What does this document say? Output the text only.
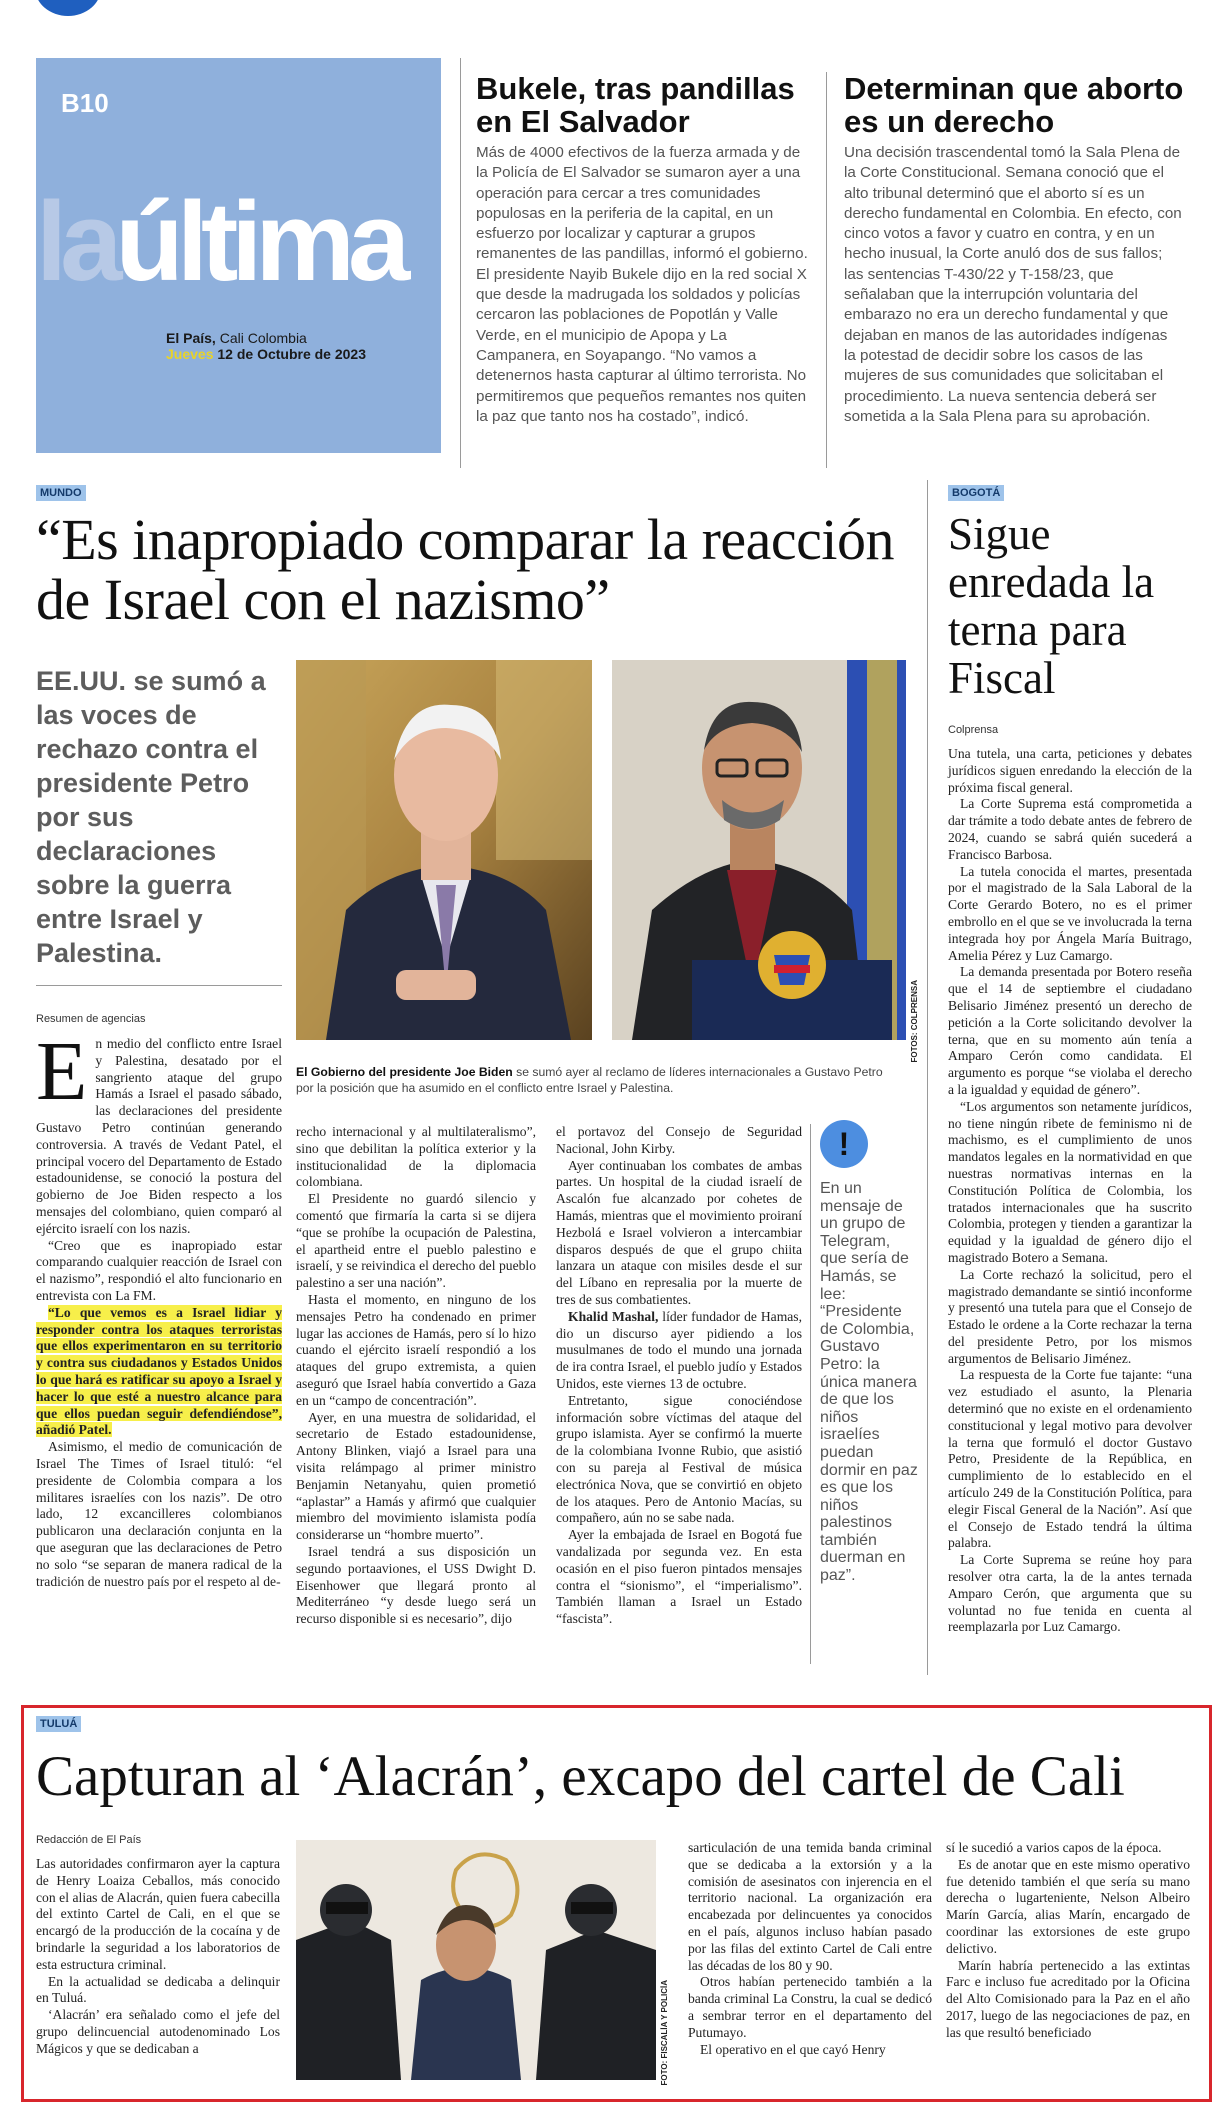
B10
laúltima
El País, Cali Colombia
Jueves 12 de Octubre de 2023
Bukele, tras pandillas en El Salvador
Más de 4000 efectivos de la fuerza armada y de la Policía de El Salvador se sumaron ayer a una operación para cercar a tres comunidades populosas en la periferia de la capital, en un esfuerzo por localizar y capturar a grupos remanentes de las pandillas, informó el gobierno. El presidente Nayib Bukele dijo en la red social X que desde la madrugada los soldados y policías cercaron las poblaciones de Popotlán y Valle Verde, en el municipio de Apopa y La Campanera, en Soyapango. “No vamos a detenernos hasta capturar al último terrorista. No permitiremos que pequeños remantes nos quiten la paz que tanto nos ha costado”, indicó.
Determinan que aborto es un derecho
Una decisión trascendental tomó la Sala Plena de la Corte Constitucional. Semana conoció que el alto tribunal determinó que el aborto sí es un derecho fundamental en Colombia. En efecto, con cinco votos a favor y cuatro en contra, y en un hecho inusual, la Corte anuló dos de sus fallos; las sentencias T-430/22 y T-158/23, que señalaban que la interrupción voluntaria del embarazo no era un derecho fundamental y que dejaban en manos de las autoridades indígenas la potestad de decidir sobre los casos de las mujeres de sus comunidades que solicitaban el procedimiento. La nueva sentencia deberá ser sometida a la Sala Plena para su aprobación.
MUNDO
“Es inapropiado comparar la reacción de Israel con el nazismo”
EE.UU. se sumó a las voces de rechazo contra el presidente Petro por sus declaraciones sobre la guerra entre Israel y Palestina.
FOTOS: COLPRENSA
El Gobierno del presidente Joe Biden se sumó ayer al reclamo de líderes internacionales a Gustavo Petro por la posición que ha asumido en el conflicto entre Israel y Palestina.
Resumen de agencias

En medio del conflicto entre Israel y Palestina, desatado por el sangriento ataque del grupo Hamás a Israel el pasado sábado, las declaraciones del presidente Gustavo Petro continúan generando controversia. A través de Vedant Patel, el principal vocero del Departamento de Estado estadounidense, se conoció la postura del gobierno de Joe Biden respecto a los mensajes del colombiano, quien comparó al ejército israelí con los nazis.

“Creo que es inapropiado estar comparando cualquier reacción de Israel con el nazismo”, respondió el alto funcionario en entrevista con La FM.

“Lo que vemos es a Israel lidiar y responder contra los ataques terroristas que ellos experimentaron en su territorio y contra sus ciudadanos y Estados Unidos lo que hará es ratificar su apoyo a Israel y hacer lo que esté a nuestro alcance para que ellos puedan seguir defendiéndose”, añadió Patel.

Asimismo, el medio de comunicación de Israel The Times of Israel tituló: “el presidente de Colombia compara a los militares israelíes con los nazis”. De otro lado, 12 excancilleres colombianos publicaron una declaración conjunta en la que aseguran que las declaraciones de Petro no solo “se separan de manera radical de la tradición de nuestro país por el respeto al de-

recho internacional y al multilateralismo”, sino que debilitan la política exterior y la institucionalidad de la diplomacia colombiana.

El Presidente no guardó silencio y comentó que firmaría la carta si se dijera “que se prohíbe la ocupación de Palestina, el apartheid entre el pueblo palestino e israelí, y se reivindica el derecho del pueblo palestino a ser una nación”.

Hasta el momento, en ninguno de los mensajes Petro ha condenado en primer lugar las acciones de Hamás, pero sí lo hizo cuando el ejército israelí respondió a los ataques del grupo extremista, a quien aseguró que Israel había convertido a Gaza en un “campo de concentración”.

Ayer, en una muestra de solidaridad, el secretario de Estado estadounidense, Antony Blinken, viajó a Israel para una visita relámpago al primer ministro Benjamin Netanyahu, quien prometió “aplastar” a Hamás y afirmó que cualquier miembro del movimiento islamista podía considerarse un “hombre muerto”.

Israel tendrá a sus disposición un segundo portaaviones, el USS Dwight D. Eisenhower que llegará pronto al Mediterráneo “y desde luego será un recurso disponible si es necesario”, dijo

el portavoz del Consejo de Seguridad Nacional, John Kirby.

Ayer continuaban los combates de ambas partes. Un hospital de la ciudad israelí de Ascalón fue alcanzado por cohetes de Hamás, mientras que el movimiento proiraní Hezbolá e Israel volvieron a intercambiar disparos después de que el grupo chiita lanzara un ataque con misiles desde el sur del Líbano en represalia por la muerte de tres de sus combatientes.

Khalid Mashal, líder fundador de Hamas, dio un discurso ayer pidiendo a los musulmanes de todo el mundo una jornada de ira contra Israel, el pueblo judío y Estados Unidos, este viernes 13 de octubre.

Entretanto, sigue conociéndose información sobre víctimas del ataque del grupo islamista. Ayer se confirmó la muerte de la colombiana Ivonne Rubio, que asistió con su pareja al Festival de música electrónica Nova, que se convirtió en objeto de los ataques. Pero de Antonio Macías, su compañero, aún no se sabe nada.

Ayer la embajada de Israel en Bogotá fue vandalizada por segunda vez. En esta ocasión en el piso fueron pintados mensajes contra el “sionismo”, el “imperialismo”. También llaman a Israel un Estado “fascista”.

!
En un mensaje de un grupo de Telegram, que sería de Hamás, se lee: “Presidente de Colombia, Gustavo Petro: la única manera de que los niños israelíes puedan dormir en paz es que los niños palestinos también duerman en paz”.
BOGOTÁ
Sigue enredada la terna para Fiscal
Colprensa

Una tutela, una carta, peticiones y debates jurídicos siguen enredando la elección de la próxima fiscal general.

La Corte Suprema está comprometida a dar trámite a todo debate antes de febrero de 2024, cuando se sabrá quién sucederá a Francisco Barbosa.

La tutela conocida el martes, presentada por el magistrado de la Sala Laboral de la Corte Gerardo Botero, no es el primer embrollo en el que se ve involucrada la terna integrada hoy por Ángela María Buitrago, Amelia Pérez y Luz Camargo.

La demanda presentada por Botero reseña que el 14 de septiembre el ciudadano Belisario Jiménez presentó un derecho de petición a la Corte solicitando devolver la terna, que en su momento aún tenía a Amparo Cerón como candidata. El argumento es porque “se violaba el derecho a la igualdad y equidad de género”.

“Los argumentos son netamente jurídicos, no tiene ningún ribete de feminismo ni de machismo, es el cumplimiento de unos mandatos legales en la normatividad en que nuestras normativas internas en la Constitución Política de Colombia, los tratados internacionales que ha suscrito Colombia, protegen y tienden a garantizar la equidad y la igualdad de género dijo el magistrado Botero a Semana.

La Corte rechazó la solicitud, pero el magistrado demandante se sintió inconforme y presentó una tutela para que el Consejo de Estado le ordene a la Corte rechazar la terna del presidente Petro, por los mismos argumentos de Belisario Jiménez.

La respuesta de la Corte fue tajante: “una vez estudiado el asunto, la Plenaria determinó que no existe en el ordenamiento constitucional y legal motivo para devolver la terna que formuló el doctor Gustavo Petro, Presidente de la República, en cumplimiento de lo establecido en el artículo 249 de la Constitución Política, para elegir Fiscal General de la Nación”. Así que el Consejo de Estado tendrá la última palabra.

La Corte Suprema se reúne hoy para resolver otra carta, la de la antes ternada Amparo Cerón, que argumenta que su voluntad no fue tenida en cuenta al reemplazarla por Luz Camargo.

TULUÁ
Capturan al ‘Alacrán’, excapo del cartel de Cali
Redacción de El País

Las autoridades confirmaron ayer la captura de Henry Loaiza Ceballos, más conocido con el alias de Alacrán, quien fuera cabecilla del extinto Cartel de Cali, en el que se encargó de la producción de la cocaína y de brindarle la seguridad a los laboratorios de esta estructura criminal.

En la actualidad se dedicaba a delinquir en Tuluá.

‘Alacrán’ era señalado como el jefe del grupo delincuencial autodenominado Los Mágicos y que se dedicaban a	FOTO: FISCALÍA Y POLICÍA

sarticulación de una temida banda criminal que se dedicaba a la extorsión y a la comisión de asesinatos con injerencia en el territorio nacional. La organización era encabezada por delincuentes ya conocidos en el país, algunos incluso habían pasado por las filas del extinto Cartel de Cali entre las décadas de los 80 y 90.

Otros habían pertenecido también a la banda criminal La Constru, la cual se dedicó a sembrar terror en el departamento del Putumayo.

El operativo en el que cayó Henry

sí le sucedió a varios capos de la época.

Es de anotar que en este mismo operativo fue detenido también el que sería su mano derecha o lugarteniente, Nelson Albeiro Marín García, alias Marín, encargado de coordinar las extorsiones de este grupo delictivo.

Marín habría pertenecido a las extintas Farc e incluso fue acreditado por la Oficina del Alto Comisionado para la Paz en el año 2017, luego de las negociaciones de paz, en las que resultó beneficiado
